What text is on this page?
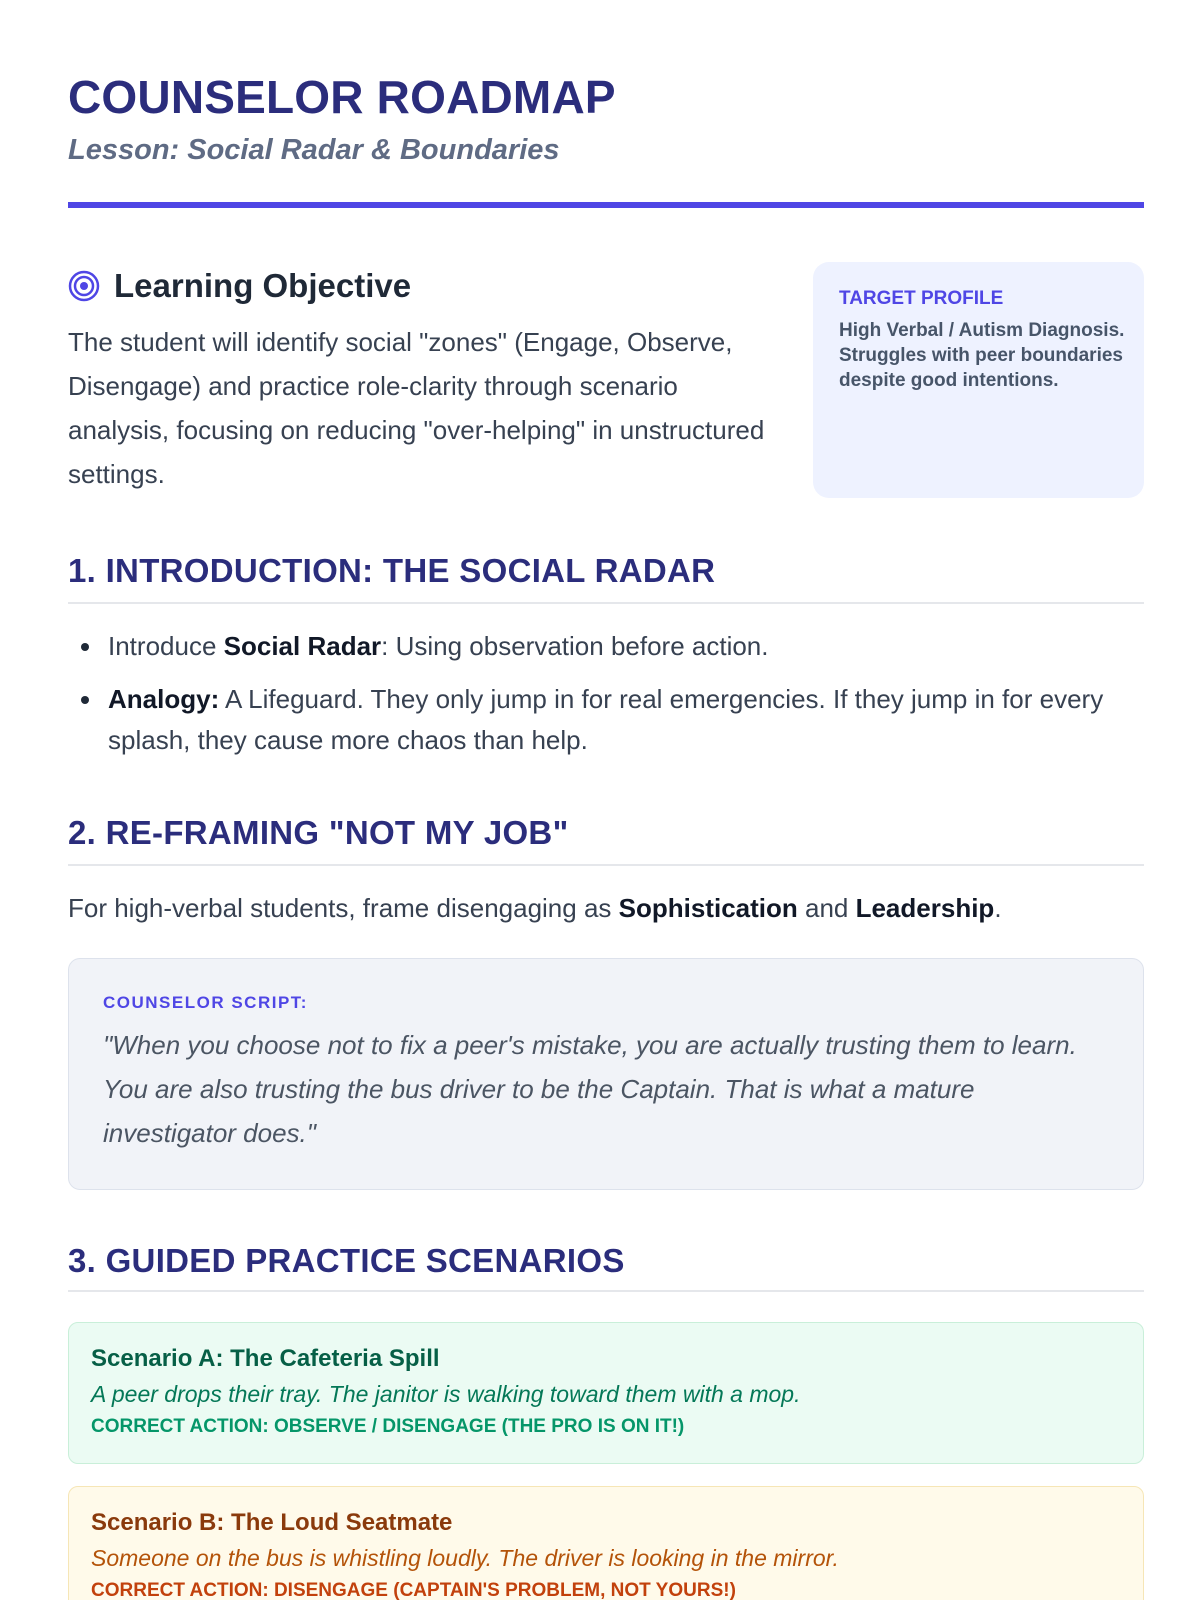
COUNSELOR ROADMAP
Lesson: Social Radar & Boundaries
Learning Objective

The student will identify social "zones" (Engage, Observe, Disengage) and practice role-clarity through scenario analysis, focusing on reducing "over-helping" in unstructured settings.

TARGET PROFILE
High Verbal / Autism Diagnosis. Struggles with peer boundaries despite good intentions.
1. INTRODUCTION: THE SOCIAL RADAR
Introduce Social Radar: Using observation before action.
Analogy: A Lifeguard. They only jump in for real emergencies. If they jump in for every splash, they cause more chaos than help.
2. RE-FRAMING "NOT MY JOB"

For high-verbal students, frame disengaging as Sophistication and Leadership.

COUNSELOR SCRIPT:

"When you choose not to fix a peer's mistake, you are actually trusting them to learn. You are also trusting the bus driver to be the Captain. That is what a mature investigator does."

3. GUIDED PRACTICE SCENARIOS
Scenario A: The Cafeteria Spill
A peer drops their tray. The janitor is walking toward them with a mop.
CORRECT ACTION: OBSERVE / DISENGAGE (THE PRO IS ON IT!)
Scenario B: The Loud Seatmate
Someone on the bus is whistling loudly. The driver is looking in the mirror.
CORRECT ACTION: DISENGAGE (CAPTAIN'S PROBLEM, NOT YOURS!)
